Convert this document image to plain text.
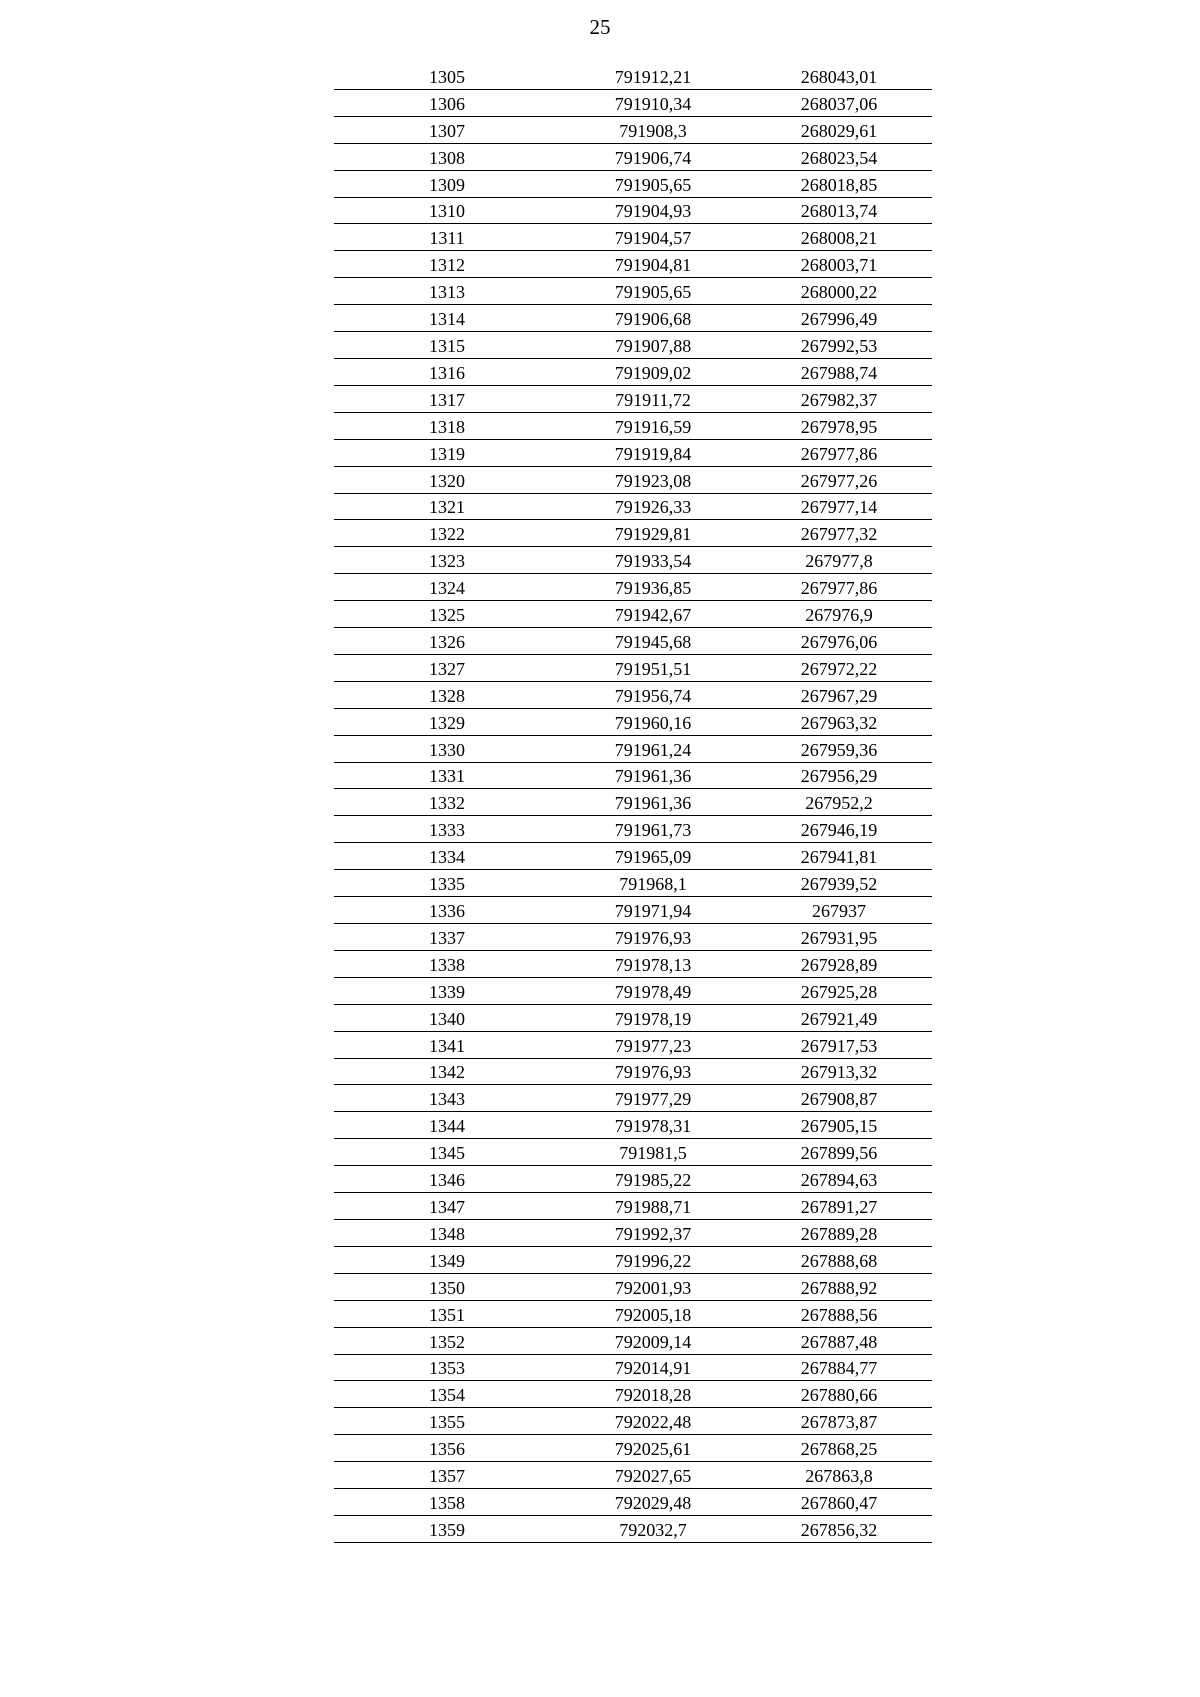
25
1305	791912,21	268043,01
1306	791910,34	268037,06
1307	791908,3	268029,61
1308	791906,74	268023,54
1309	791905,65	268018,85
1310	791904,93	268013,74
1311	791904,57	268008,21
1312	791904,81	268003,71
1313	791905,65	268000,22
1314	791906,68	267996,49
1315	791907,88	267992,53
1316	791909,02	267988,74
1317	791911,72	267982,37
1318	791916,59	267978,95
1319	791919,84	267977,86
1320	791923,08	267977,26
1321	791926,33	267977,14
1322	791929,81	267977,32
1323	791933,54	267977,8
1324	791936,85	267977,86
1325	791942,67	267976,9
1326	791945,68	267976,06
1327	791951,51	267972,22
1328	791956,74	267967,29
1329	791960,16	267963,32
1330	791961,24	267959,36
1331	791961,36	267956,29
1332	791961,36	267952,2
1333	791961,73	267946,19
1334	791965,09	267941,81
1335	791968,1	267939,52
1336	791971,94	267937
1337	791976,93	267931,95
1338	791978,13	267928,89
1339	791978,49	267925,28
1340	791978,19	267921,49
1341	791977,23	267917,53
1342	791976,93	267913,32
1343	791977,29	267908,87
1344	791978,31	267905,15
1345	791981,5	267899,56
1346	791985,22	267894,63
1347	791988,71	267891,27
1348	791992,37	267889,28
1349	791996,22	267888,68
1350	792001,93	267888,92
1351	792005,18	267888,56
1352	792009,14	267887,48
1353	792014,91	267884,77
1354	792018,28	267880,66
1355	792022,48	267873,87
1356	792025,61	267868,25
1357	792027,65	267863,8
1358	792029,48	267860,47
1359	792032,7	267856,32
